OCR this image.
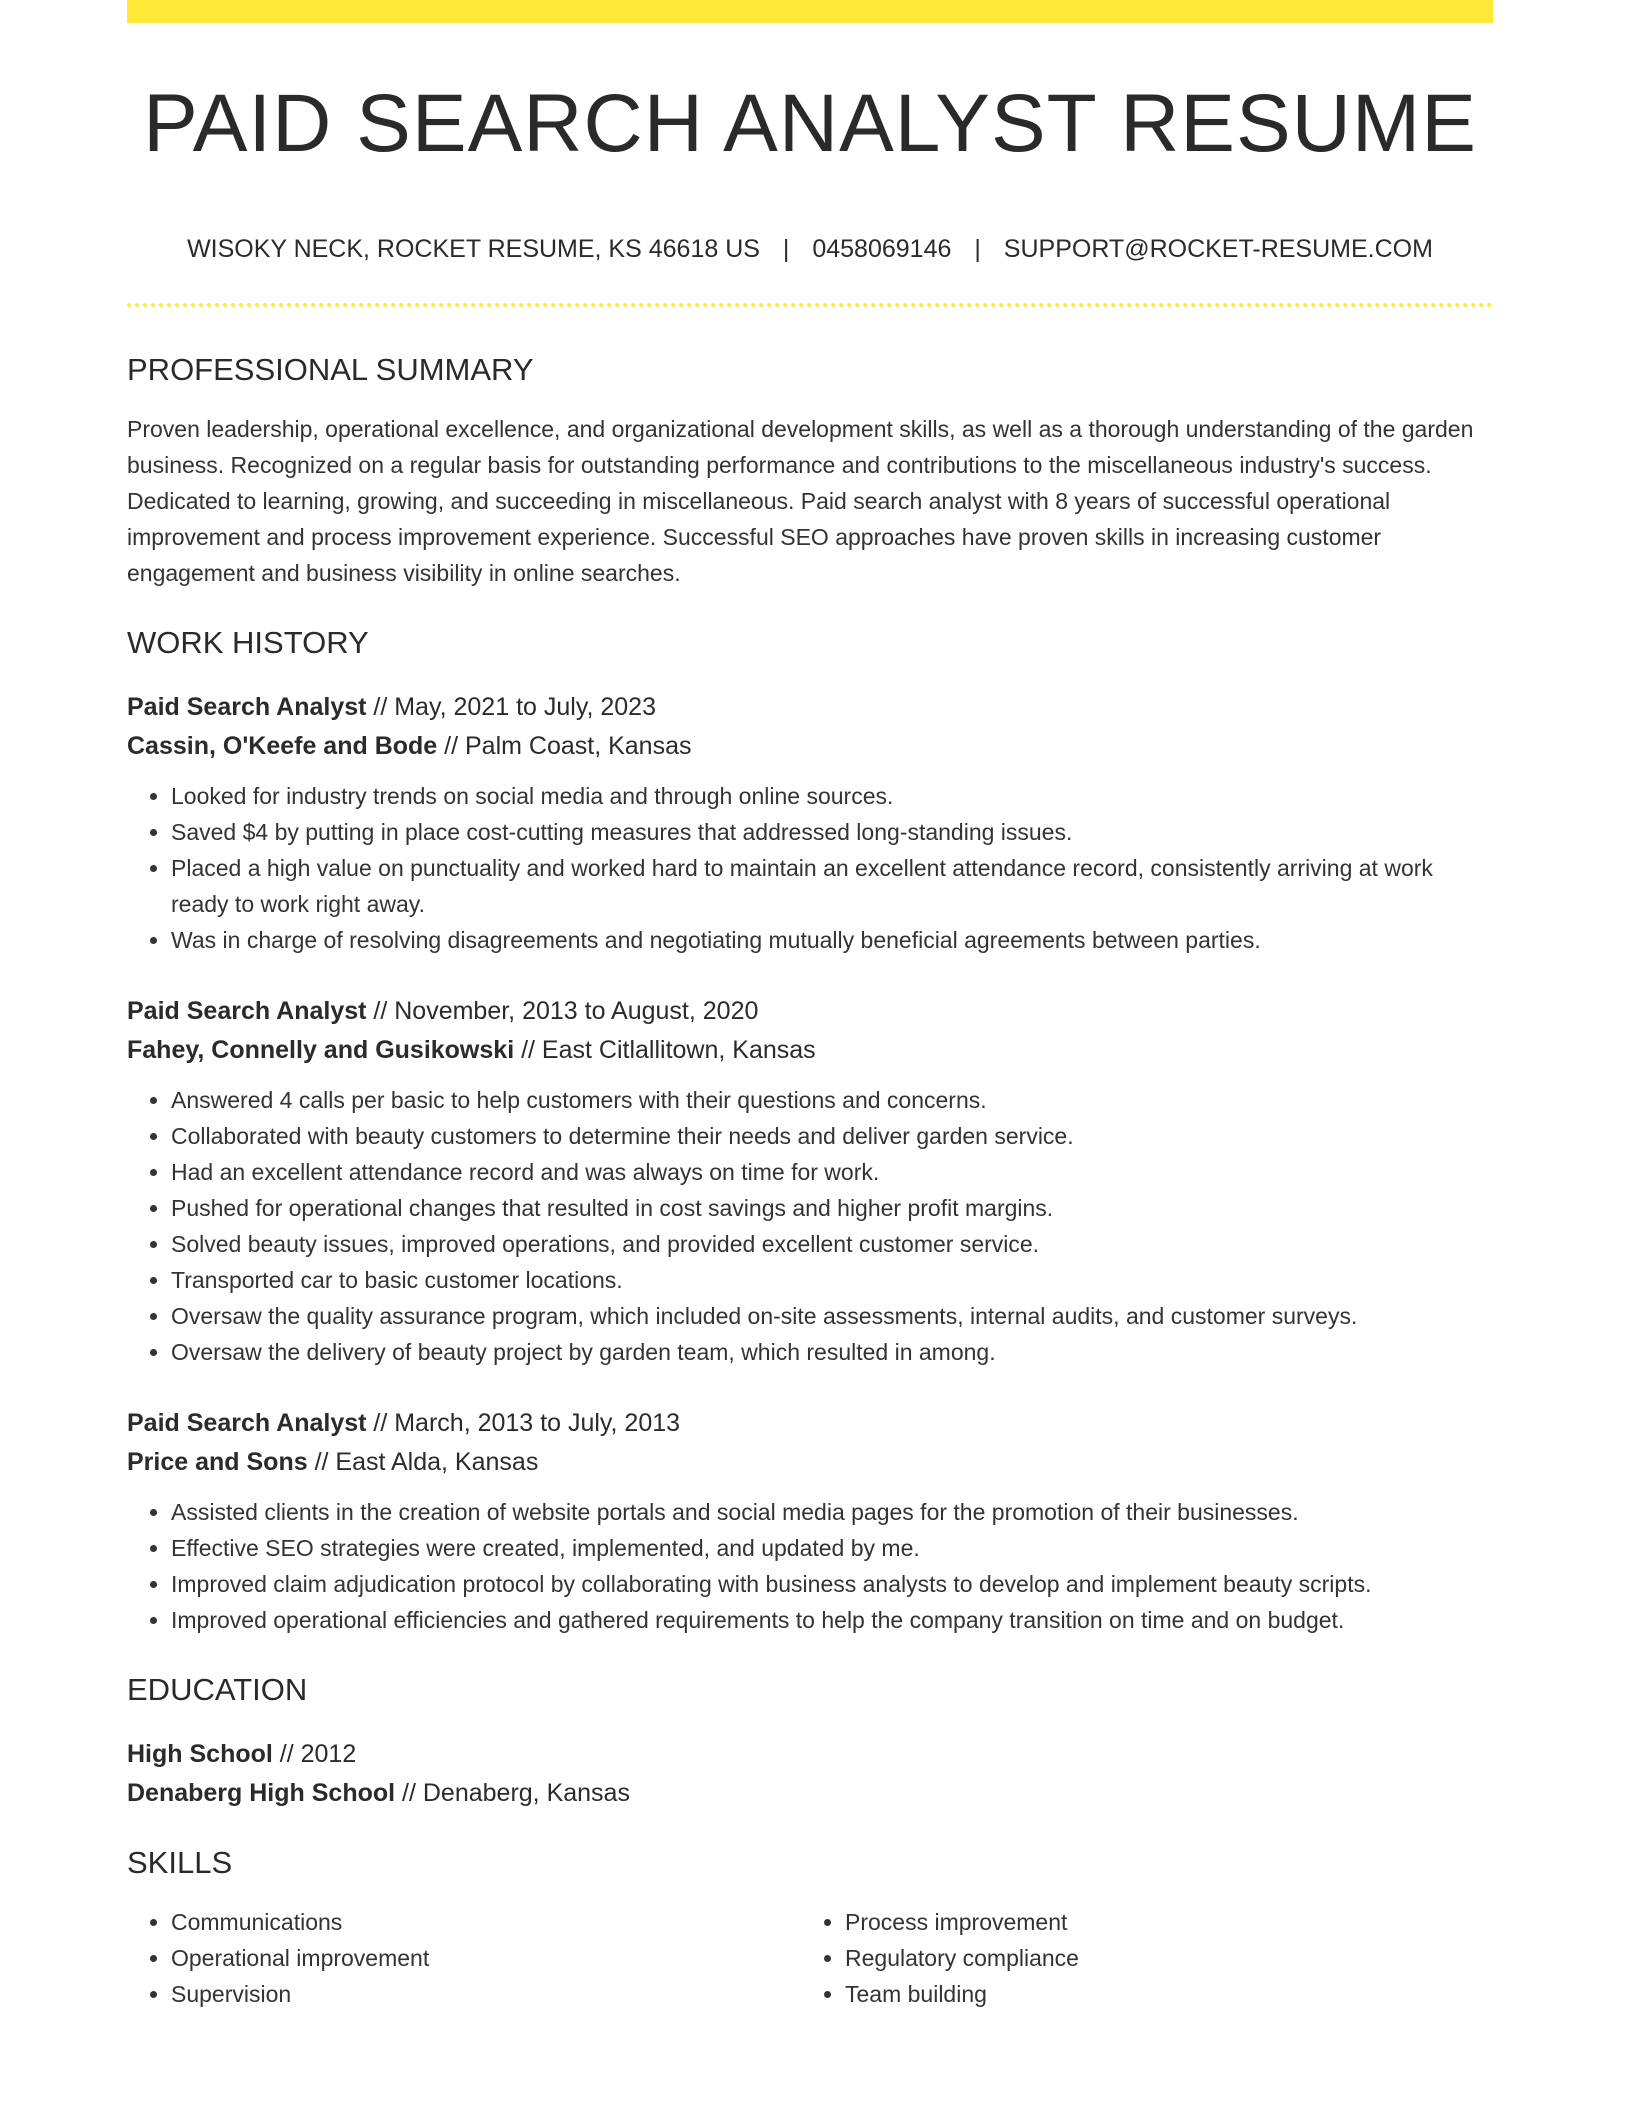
PAID SEARCH ANALYST RESUME
WISOKY NECK, ROCKET RESUME, KS 46618 US | 0458069146 | SUPPORT@ROCKET-RESUME.COM
PROFESSIONAL SUMMARY
Proven leadership, operational excellence, and organizational development skills, as well as a thorough understanding of the garden business. Recognized on a regular basis for outstanding performance and contributions to the miscellaneous industry's success. Dedicated to learning, growing, and succeeding in miscellaneous. Paid search analyst with 8 years of successful operational improvement and process improvement experience. Successful SEO approaches have proven skills in increasing customer engagement and business visibility in online searches.
WORK HISTORY
Paid Search Analyst // May, 2021 to July, 2023
Cassin, O'Keefe and Bode // Palm Coast, Kansas
• Looked for industry trends on social media and through online sources.
• Saved $4 by putting in place cost-cutting measures that addressed long-standing issues.
• Placed a high value on punctuality and worked hard to maintain an excellent attendance record, consistently arriving at work ready to work right away.
• Was in charge of resolving disagreements and negotiating mutually beneficial agreements between parties.
Paid Search Analyst // November, 2013 to August, 2020
Fahey, Connelly and Gusikowski // East Citlallitown, Kansas
• Answered 4 calls per basic to help customers with their questions and concerns.
• Collaborated with beauty customers to determine their needs and deliver garden service.
• Had an excellent attendance record and was always on time for work.
• Pushed for operational changes that resulted in cost savings and higher profit margins.
• Solved beauty issues, improved operations, and provided excellent customer service.
• Transported car to basic customer locations.
• Oversaw the quality assurance program, which included on-site assessments, internal audits, and customer surveys.
• Oversaw the delivery of beauty project by garden team, which resulted in among.
Paid Search Analyst // March, 2013 to July, 2013
Price and Sons // East Alda, Kansas
• Assisted clients in the creation of website portals and social media pages for the promotion of their businesses.
• Effective SEO strategies were created, implemented, and updated by me.
• Improved claim adjudication protocol by collaborating with business analysts to develop and implement beauty scripts.
• Improved operational efficiencies and gathered requirements to help the company transition on time and on budget.
EDUCATION
High School // 2012
Denaberg High School // Denaberg, Kansas
SKILLS
• Communications
• Operational improvement
• Supervision
• Process improvement
• Regulatory compliance
• Team building
